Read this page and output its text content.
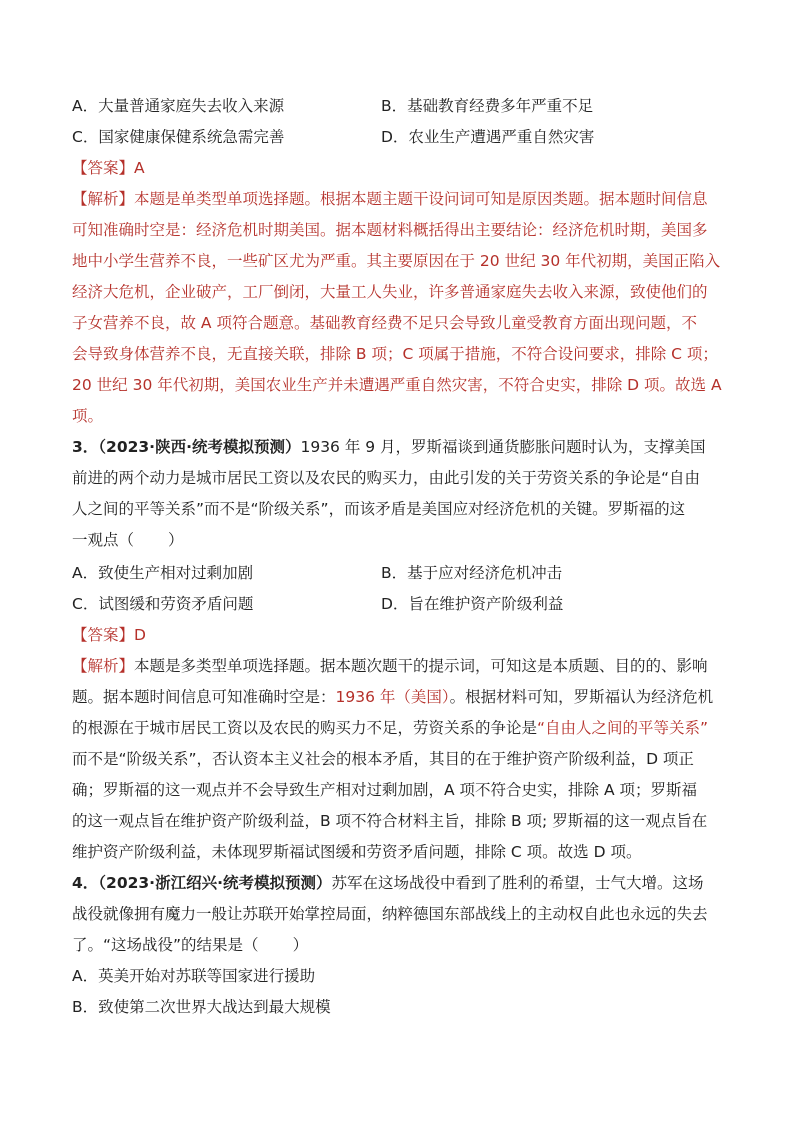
A．大量普通家庭失去收入来源	B．基础教育经费多年严重不足
C．国家健康保健系统急需完善	D．农业生产遭遇严重自然灾害
【答案】A
【解析】本题是单类型单项选择题。根据本题主题干设问词可知是原因类题。据本题时间信息
可知准确时空是：经济危机时期美国。据本题材料概括得出主要结论：经济危机时期，美国多
地中小学生营养不良，一些矿区尤为严重。其主要原因在于 20 世纪 30 年代初期，美国正陷入
经济大危机，企业破产，工厂倒闭，大量工人失业，许多普通家庭失去收入来源，致使他们的
子女营养不良，故 A 项符合题意。基础教育经费不足只会导致儿童受教育方面出现问题，不
会导致身体营养不良，无直接关联，排除 B 项；C 项属于措施，不符合设问要求，排除 C 项；
20 世纪 30 年代初期，美国农业生产并未遭遇严重自然灾害，不符合史实，排除 D 项。故选 A
项。
3．（2023·陕西·统考模拟预测）1936 年 9 月，罗斯福谈到通货膨胀问题时认为，支撑美国
前进的两个动力是城市居民工资以及农民的购买力，由此引发的关于劳资关系的争论是“自由
人之间的平等关系”而不是“阶级关系”，而该矛盾是美国应对经济危机的关键。罗斯福的这
一观点（ ）
A．致使生产相对过剩加剧	B．基于应对经济危机冲击
C．试图缓和劳资矛盾问题	D．旨在维护资产阶级利益
【答案】D
【解析】本题是多类型单项选择题。据本题次题干的提示词，可知这是本质题、目的的、影响
题。据本题时间信息可知准确时空是：1936 年（美国）。根据材料可知，罗斯福认为经济危机
的根源在于城市居民工资以及农民的购买力不足，劳资关系的争论是“自由人之间的平等关系”
而不是“阶级关系”，否认资本主义社会的根本矛盾，其目的在于维护资产阶级利益，D 项正
确；罗斯福的这一观点并不会导致生产相对过剩加剧，A 项不符合史实，排除 A 项；罗斯福
的这一观点旨在维护资产阶级利益，B 项不符合材料主旨，排除 B 项; 罗斯福的这一观点旨在
维护资产阶级利益，未体现罗斯福试图缓和劳资矛盾问题，排除 C 项。故选 D 项。
4．（2023·浙江绍兴·统考模拟预测）苏军在这场战役中看到了胜利的希望，士气大增。这场
战役就像拥有魔力一般让苏联开始掌控局面，纳粹德国东部战线上的主动权自此也永远的失去
了。“这场战役”的结果是（ ）
A．英美开始对苏联等国家进行援助
B．致使第二次世界大战达到最大规模
